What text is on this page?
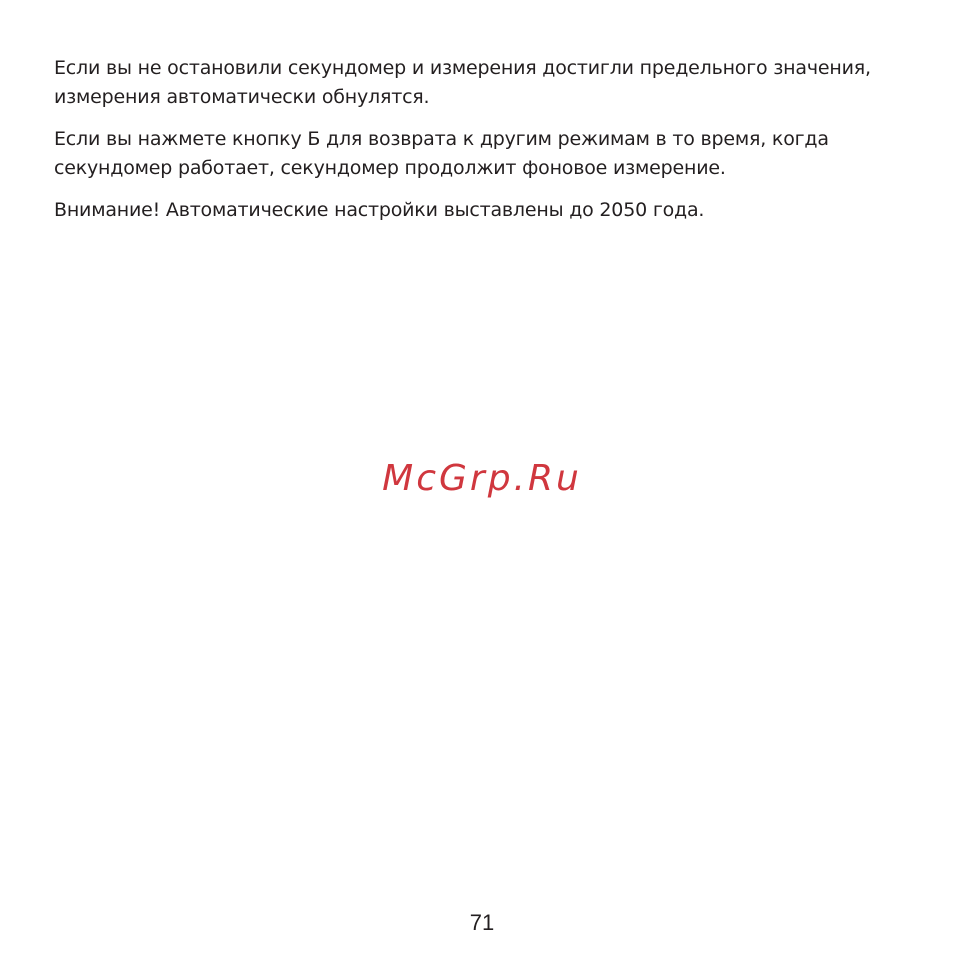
Если вы не остановили секундомер и измерения достигли предельного значения, измерения автоматически обнулятся.

Если вы нажмете кнопку Б для возврата к другим режимам в то время, когда секундомер работает, секундомер продолжит фоновое измерение.

Внимание! Автоматические настройки выставлены до 2050 года.

McGrp.Ru
71
